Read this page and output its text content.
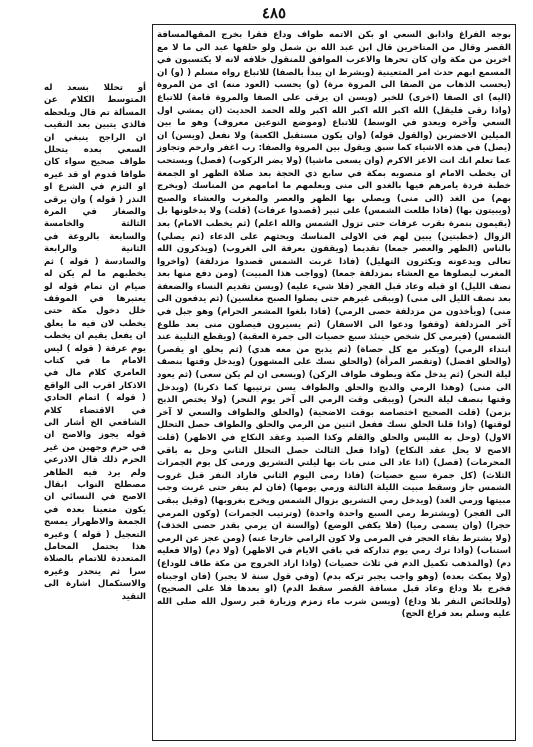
٤٨٥

بوجه الفراغ واذابق السعي او بكن الاتمه طواف وداع فقرا بخرج المقهالمسافة القصر وقال من المتاخرين قال ابن عبد الله بن شمل ولو حلفها عبد الى ما لا مع اخرين من مكة وان كان تحرها والاعرب الموافق للمنقول خلافه لانه لا يكتسبون في المسمع ابهم حدث امر المتعينية (وبشرط ان يبدأ بالصفا) للاتباع رواه مسلم ( (و) ان (يحسب الذهاب من الصفا الى المروة مرة) (و) يحسب (العود منه) اى من المروة (اليه) اى الصفا (اخرى) للخبر (ويسن ان يرقى على الصفا والمروة قامة) للاتباع (واذا رقى فليقل) الله اكبر الله اكبر الله اكبر ولله الحمد الحديث (ان يمشي اول السعي وآخره ويعدو في الوسط) للاتباع (وموضع النوعين معروف) وهو ما بين الميلين الاخضرين (والقول قوله) (وان يكون مستقبل الكعبة) ولا نفعل (ويسن) ان (يصل) في هذه الاشياء كما سبق ويقول بين المروة والصفا: رب اغفر وارحم وتجاوز عما تعلم انك انت الاعز الاكرم (وان يسعى ماشيا) (ولا يضر الركوب) (فصل) ويستحب ان يخطب الامام او منصوبه بمكة في سابع ذي الحجة بعد صلاة الظهر او الجمعة خطبة فردة يامرهم فيها بالغدو الى منى ويعلمهم ما امامهم من المناسك (ويخرج بهم) من الغد (الى منى) ويصلي بها الظهر والعصر والمغرب والعشاء والصبح (ويبيتون بها) (فاذا طلعت الشمس) على ثبير (قصدوا عرفات) (قلت) ولا يدخلونها بل (يقيمون بنمرة بقرب عرفات حتى تزول الشمس والله اعلم) (ثم يخطب الامام) بعد الزوال (خطبتين) يبين لهم في الاولى المناسك ويحثهم على الدعاء (ثم يصلي) بالناس (الظهر والعصر جمعا) تقديما (ويقفون بعرفة الى الغروب) (ويذكرون الله تعالى ويدعونه ويكثرون التهليل) (فاذا غربت الشمس قصدوا مزدلفة) (واخروا المغرب ليصلوها مع العشاء بمزدلفة جمعا) (وواجب هذا المبيت) (ومن دفع منها بعد نصف الليل) او قبله وعاد قبل الفجر (فلا شيء عليه) (ويسن تقديم النساء والضعفة بعد نصف الليل الى منى) (ويبقى غيرهم حتى يصلوا الصبح مغلسين) (ثم يدفعون الى منى) (ويأخذون من مزدلفة حصى الرمي) (فاذا بلغوا المشعر الحرام) وهو جبل في آخر المزدلفة (وقفوا ودعوا الى الاسفار) (ثم يسيرون فيصلون منى بعد طلوع الشمس) (فيرمي كل شخص حينئذ سبع حصيات الى جمرة العقبة) (ويقطع التلبية عند ابتداء الرمي) (ويكبر مع كل حصاة) (ثم يذبح من معه هدي) (ثم يحلق او يقصر) (والحلق افضل) (وتقصر المرأة) (والحلق نسك على المشهور) (ويدخل وقتها بنصف ليلة النحر) (ثم يدخل مكة ويطوف طواف الركن) (ويسعى ان لم يكن سعى) (ثم يعود الى منى) (وهذا الرمي والذبح والحلق والطواف يسن ترتيبها كما ذكرنا) (ويدخل وقتها بنصف ليلة النحر) (ويبقى وقت الرمي الى آخر يوم النحر) (ولا يختص الذبح بزمن) (قلت الصحيح اختصاصه بوقت الاضحية) (والحلق والطواف والسعي لا آخر لوقتها) (واذا قلنا الحلق نسك ففعل اثنين من الرمي والحلق والطواف حصل التحلل الاول) (وحل به اللبس والحلق والقلم وكذا الصيد وعقد النكاح في الاظهر) (قلت الاصح لا يحل عقد النكاح) (واذا فعل الثالث حصل التحلل الثاني وحل به باقي المحرمات) (فصل) (اذا عاد الى منى بات بها ليلتي التشريق ورمى كل يوم الجمرات الثلاث) (كل جمرة سبع حصيات) (فاذا رمى اليوم الثاني فاراد النفر قبل غروب الشمس جاز وسقط مبيت الليلة الثالثة ورمي يومها) (فان لم ينفر حتى غربت وجب مبيتها ورمي الغد) (ويدخل رمي التشريق بزوال الشمس ويخرج بغروبها) (وقيل يبقى الى الفجر) (ويشترط رمي السبع واحدة واحدة) (وترتيب الجمرات) (وكون المرمي حجرا) (وان يسمى رميا) (فلا يكفي الوضع) (والسنة ان يرمي بقدر حصى الخذف) (ولا يشترط بقاء الحجر في المرمى ولا كون الرامي خارجا عنه) (ومن عجز عن الرمي استناب) (واذا ترك رمي يوم تداركه في باقي الايام في الاظهر) (ولا دم) (والا فعليه دم) (والمذهب تكميل الدم في ثلاث حصيات) (واذا اراد الخروج من مكة طاف للوداع) (ولا يمكث بعده) (وهو واجب يجبر تركه بدم) (وفي قول سنة لا يجبر) (فان اوجبناه فخرج بلا وداع وعاد قبل مسافة القصر سقط الدم) (او بعدها فلا على الصحيح) (وللحائض النفر بلا وداع) (ويسن شرب ماء زمزم وزيارة قبر رسول الله صلى الله عليه وسلم بعد فراغ الحج)

أو تحللا بسعد له المتوسط الكلام عن المسألة تم قال ويلحظه فالذي يتبين بعد التقيب ان الراجح ينبغي ان السعي بعده يتحلل طواف صحيح سواء كان طوافا قدوم او قد غيره او التزم في الشرع او النذر ( قوله ) وان يرقى والصغار في المرة الثالثة والخامسة والسابعة بالروعة في الثانية والرابعة والسادسة ( قوله ) ثم يخطبهم ما لم يكن له صيام ان تمام قوله لو يعتبرها في الموقف خلل دخول مكة حتى يخطب لان فيه ما يعلق ان يفعل يقيم ان يخطب يوم عرفة ( قوله ) ليس الامام ما في كتاب العامري كلام مال في الاذكار اقرب الى الواقع ( قوله ) اتمام الحادي في الاقتضاء كلام الشافعي الخ أشار الى قوله يجوز والاصح ان في حرم وجهين من غير الحرم ذلك قال الاذرعي ولم يرد فيه الظاهر مصطلح النواب ابقال الاصح في النسائي ان يكون متعينا بعده في الجمعة والاظهرار يمسح التعجيل ( قوله ) وغيره هذا يحتمل المحامل المتعددة للاتمام بالصلاة سرا ثم ينحدر وغيره والاستكمال اشارة الى التقيد
